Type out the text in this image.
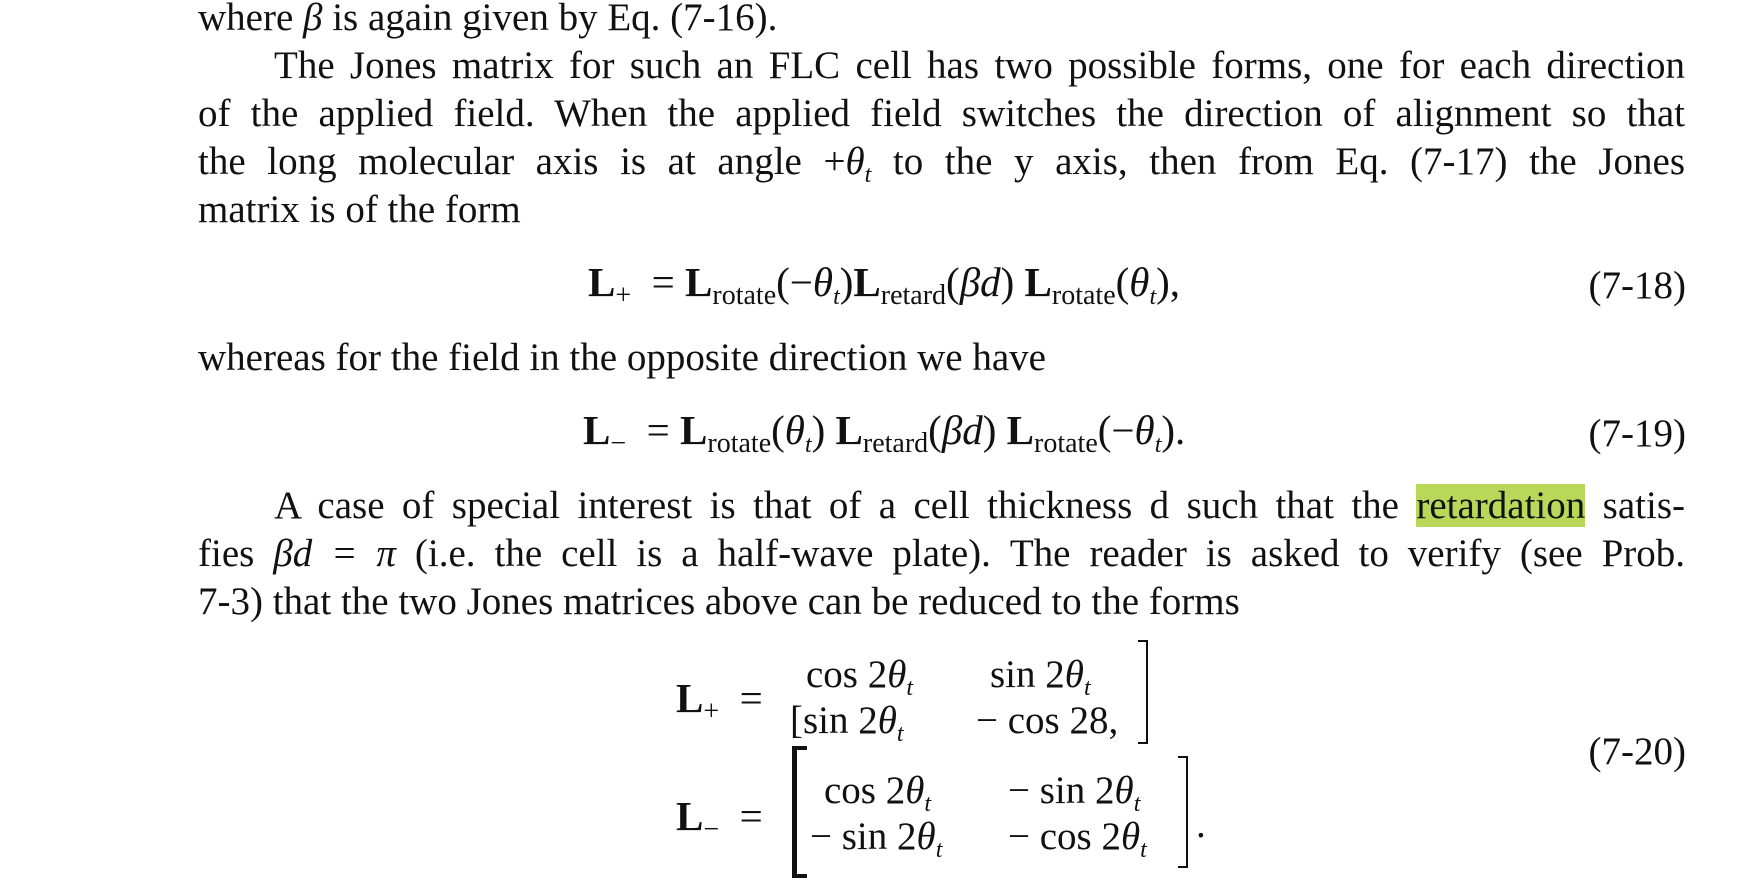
where β is again given by Eq. (7-16).
The Jones matrix for such an FLC cell has two possible forms, one for each direction
of the applied field. When the applied field switches the direction of alignment so that
the long molecular axis is at angle $+\theta_t$ to the y axis, then from Eq. (7-17) the Jones
matrix is of the form
$L_+ = L_{rotate}(-\theta_t)L_{retard}(\beta d)$ $L_{rotate}(\theta_t)$,	(7-18)
whereas for the field in the opposite direction we have
$L_- = L_{rotate}(\theta_t)$ $L_{retard}(\beta d)$ $L_{rotate}(-\theta_t)$.	(7-19)
A case of special interest is that of a cell thickness d such that the retardation satis-
fies βd = π (i.e. the cell is a half-wave plate). The reader is asked to verify (see Prob.
7-3) that the two Jones matrices above can be reduced to the forms
$L_+$  =
$L_-$  =
$\cos 2\theta_t$ $\sin 2\theta_t$
[sin $2\theta_t - \cos 28$,
$\cos 2\theta_t - \sin 2\theta_t$
− $\sin 2\theta_t - \cos 2\theta_t$
.
(7-20)
